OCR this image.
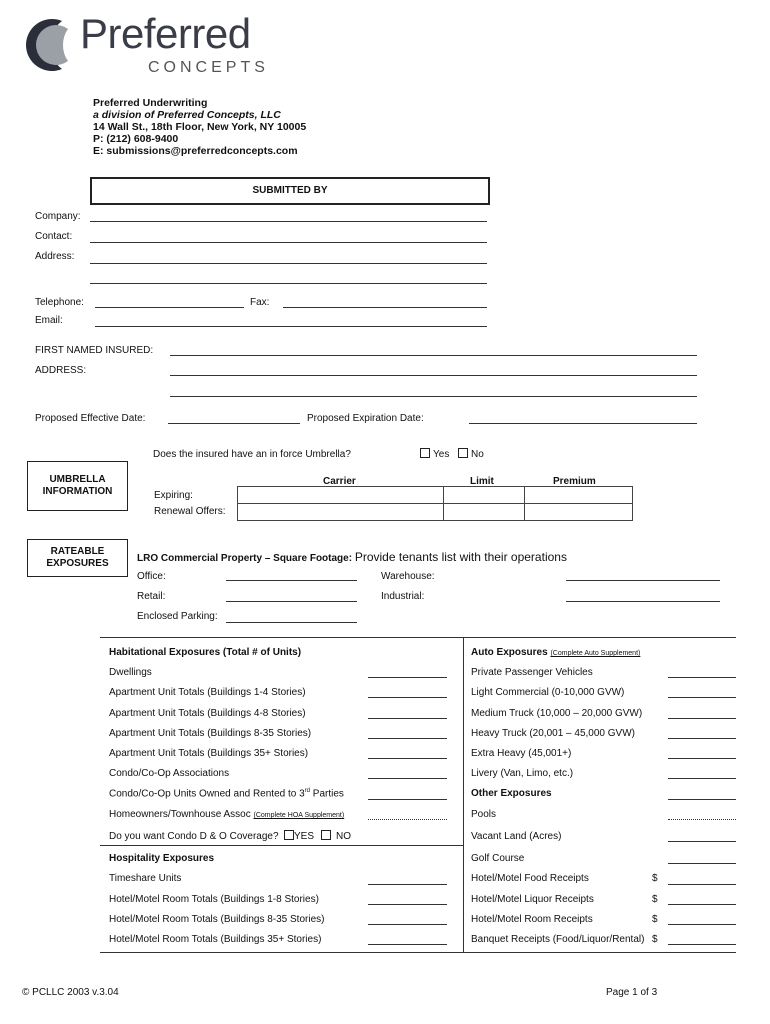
Preferred
CONCEPTS
Preferred Underwriting
a division of Preferred Concepts, LLC
14 Wall St., 18th Floor, New York, NY 10005
P: (212) 608-9400
E: submissions@preferredconcepts.com
SUBMITTED BY
Company:
Contact:
Address:
Telephone:	Fax:
Email:
FIRST NAMED INSURED:
ADDRESS:
Proposed Effective Date:	Proposed Expiration Date:
Does the insured have an in force Umbrella?	Yes No
UMBRELLA INFORMATION
Carrier	Limit	Premium
Expiring:
Renewal Offers:

RATEABLE EXPOSURES	LRO Commercial Property – Square Footage: Provide tenants list with their operations
Office:	Warehouse:
Retail:	Industrial:
Enclosed Parking:
Habitational Exposures (Total # of Units)
Dwellings
Apartment Unit Totals (Buildings 1-4 Stories)
Apartment Unit Totals (Buildings 4-8 Stories)
Apartment Unit Totals (Buildings 8-35 Stories)
Apartment Unit Totals (Buildings 35+ Stories)
Condo/Co-Op Associations
Condo/Co-Op Units Owned and Rented to 3rd Parties
Homeowners/Townhouse Assoc (Complete HOA Supplement)
Do you want Condo D & O Coverage? YES NO
Hospitality Exposures
Timeshare Units
Hotel/Motel Room Totals (Buildings 1-8 Stories)
Hotel/Motel Room Totals (Buildings 8-35 Stories)
Hotel/Motel Room Totals (Buildings 35+ Stories)
Auto Exposures (Complete Auto Supplement)
Private Passenger Vehicles
Light Commercial (0-10,000 GVW)
Medium Truck (10,000 – 20,000 GVW)
Heavy Truck (20,001 – 45,000 GVW)
Extra Heavy (45,001+)
Livery (Van, Limo, etc.)
Other Exposures
Pools
Vacant Land (Acres)
Golf Course
Hotel/Motel Food Receipts	$
Hotel/Motel Liquor Receipts	$
Hotel/Motel Room Receipts	$
Banquet Receipts (Food/Liquor/Rental) $
© PCLLC 2003 v.3.04	Page 1 of 3
